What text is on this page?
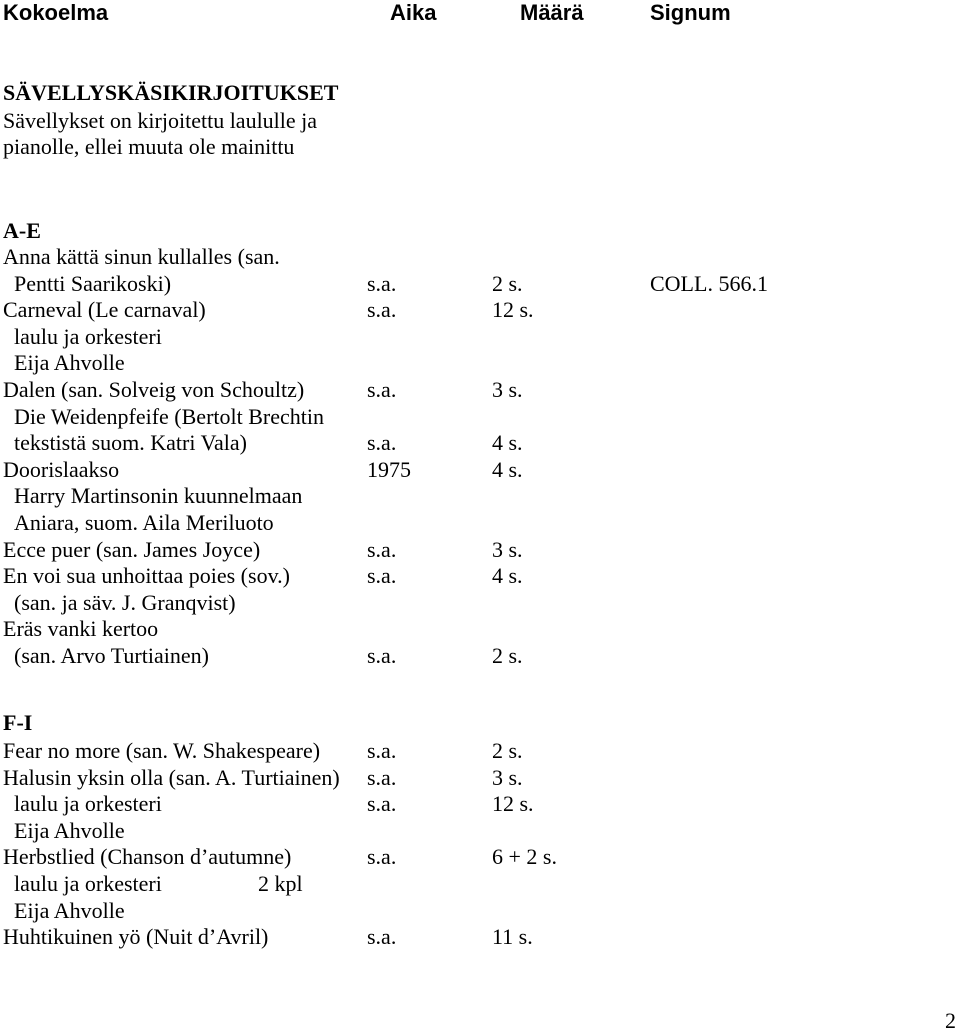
Kokoelma	Aika	Määrä	Signum
SÄVELLYSKÄSIKIRJOITUKSET
Sävellykset on kirjoitettu laululle ja
pianolle, ellei muuta ole mainittu
A-E
Anna kättä sinun kullalles (san.
Pentti Saarikoski)	s.a.	2 s.	COLL. 566.1
Carneval (Le carnaval)	s.a.	12 s.
laulu ja orkesteri
Eija Ahvolle
Dalen (san. Solveig von Schoultz)	s.a.	3 s.
Die Weidenpfeife (Bertolt Brechtin
tekstistä suom. Katri Vala)	s.a.	4 s.
Doorislaakso	1975	4 s.
Harry Martinsonin kuunnelmaan
Aniara, suom. Aila Meriluoto
Ecce puer (san. James Joyce)	s.a.	3 s.
En voi sua unhoittaa poies (sov.)	s.a.	4 s.
(san. ja säv. J. Granqvist)
Eräs vanki kertoo
(san. Arvo Turtiainen)	s.a.	2 s.
F-I
Fear no more (san. W. Shakespeare) s.a.	2 s.
Halusin yksin olla (san. A. Turtiainen) s.a.	3 s.
laulu ja orkesteri	s.a.	12 s.
Eija Ahvolle
Herbstlied (Chanson d’autumne)	s.a.	6 + 2 s.
laulu ja orkesteri	2 kpl
Eija Ahvolle
Huhtikuinen yö (Nuit d’Avril)	s.a.	11 s.
2
